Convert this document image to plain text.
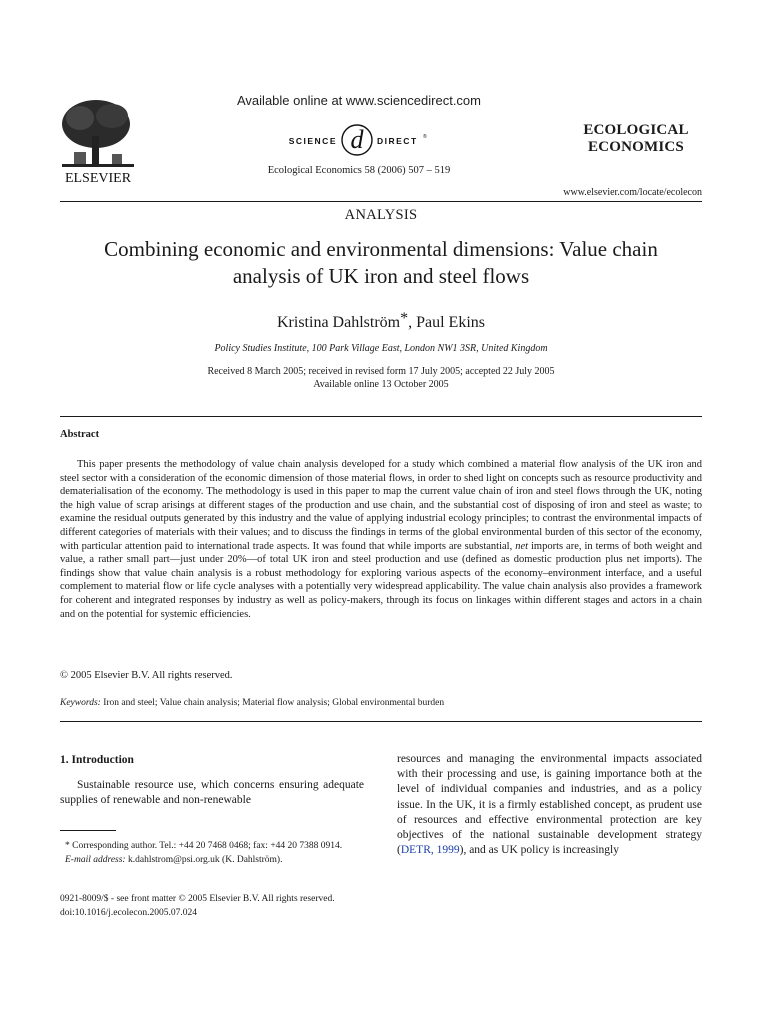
ELSEVIER
Available online at www.sciencedirect.com
SCIENCE d DIRECT ®
Ecological Economics 58 (2006) 507 – 519
ECOLOGICAL
ECONOMICS
www.elsevier.com/locate/ecolecon
ANALYSIS
Combining economic and environmental dimensions: Value chain
analysis of UK iron and steel flows
Kristina Dahlström*, Paul Ekins
Policy Studies Institute, 100 Park Village East, London NW1 3SR, United Kingdom
Received 8 March 2005; received in revised form 17 July 2005; accepted 22 July 2005
Available online 13 October 2005
Abstract

This paper presents the methodology of value chain analysis developed for a study which combined a material flow analysis of the UK iron and steel sector with a consideration of the economic dimension of those material flows, in order to shed light on concepts such as resource productivity and dematerialisation of the economy. The methodology is used in this paper to map the current value chain of iron and steel flows through the UK, noting the high value of scrap arisings at different stages of the production and use chain, and the substantial cost of disposing of iron and steel as waste; to examine the residual outputs generated by this industry and the value of applying industrial ecology principles; to contrast the environmental impacts of different categories of materials with their values; and to discuss the findings in terms of the global environmental burden of this sector of the economy, with particular attention paid to international trade aspects. It was found that while imports are substantial, net imports are, in terms of both weight and value, a rather small part—just under 20%—of total UK iron and steel production and use (defined as domestic production plus net imports). The findings show that value chain analysis is a robust methodology for exploring various aspects of the economy–environment interface, and a useful complement to material flow or life cycle analyses with a potentially very widespread applicability. The value chain analysis also provides a framework for coherent and integrated responses by industry as well as policy-makers, through its focus on linkages within different stages and actors in a chain and on the potential for systemic efficiencies.

© 2005 Elsevier B.V. All rights reserved.
Keywords: Iron and steel; Value chain analysis; Material flow analysis; Global environmental burden
1. Introduction

Sustainable resource use, which concerns ensuring adequate supplies of renewable and non-renewable

* Corresponding author. Tel.: +44 20 7468 0468; fax: +44 20 7388 0914.

E-mail address: k.dahlstrom@psi.org.uk (K. Dahlström).

0921-8009/$ - see front matter © 2005 Elsevier B.V. All rights reserved.
doi:10.1016/j.ecolecon.2005.07.024

resources and managing the environmental impacts associated with their processing and use, is gaining importance both at the level of individual companies and industries, and as a policy issue. In the UK, it is a firmly established concept, as prudent use of resources and effective environmental protection are key objectives of the national sustainable development strategy (DETR, 1999), and as UK policy is increasingly
